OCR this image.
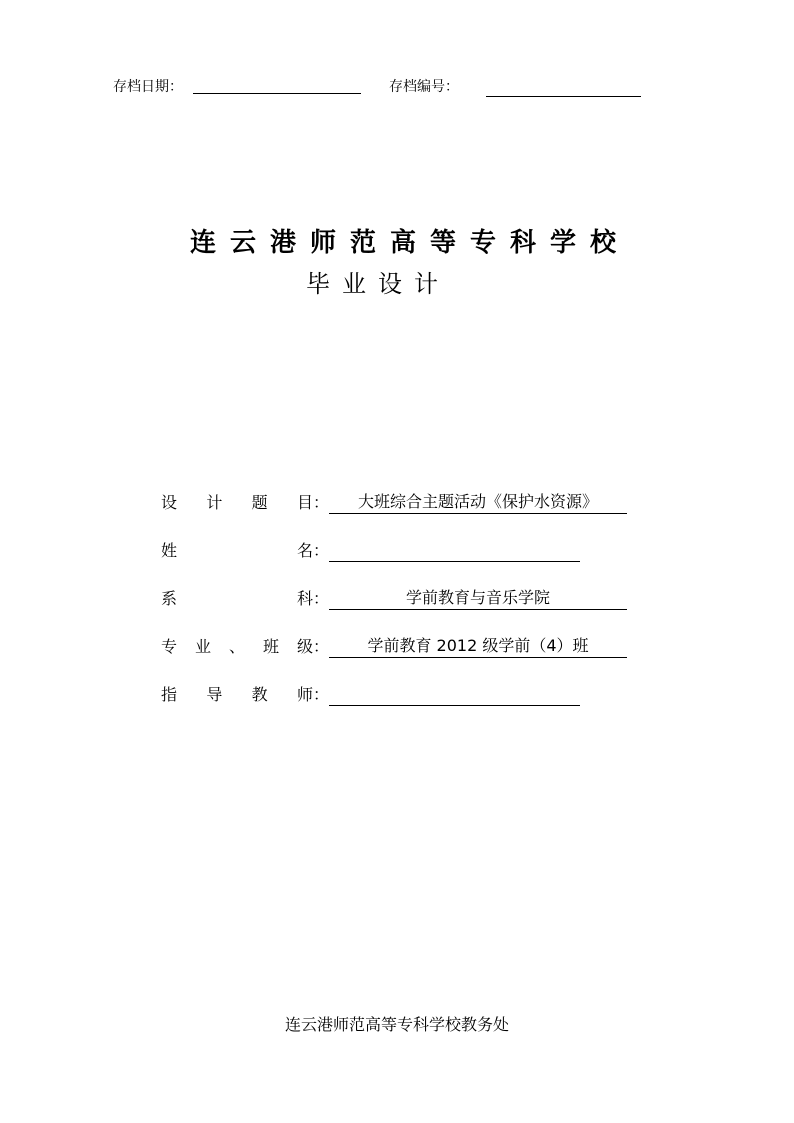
存档日期：	存档编号：
连云港师范高等专科学校
毕业设计
设 计 题 目：	大班综合主题活动《保护水资源》
姓	名：
系	科：	学前教育与音乐学院
专 业 、 班 级：	学前教育 2012 级学前（4）班
指 导 教 师：
连云港师范高等专科学校教务处
